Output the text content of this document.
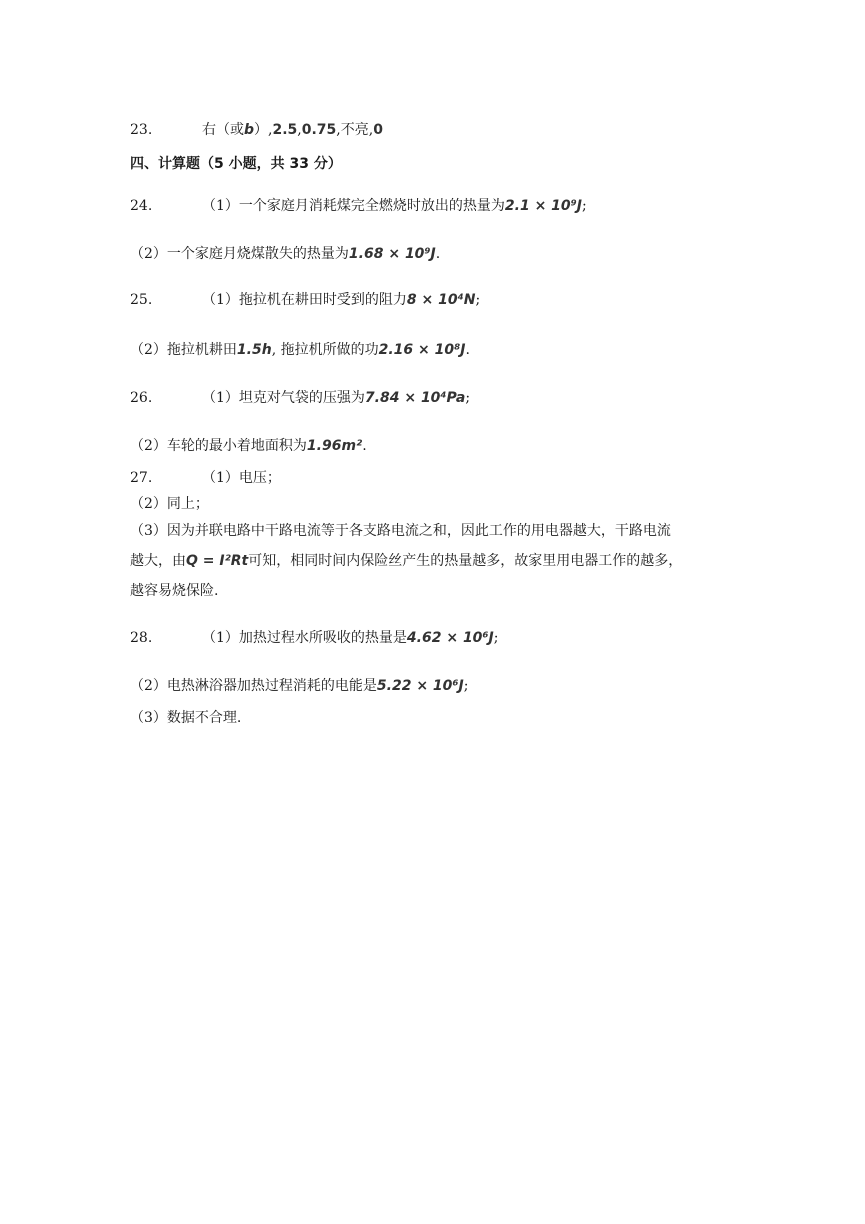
23.	右（或b）,2.5,0.75,不亮,0
四、计算题（5 小题，共 33 分）
24.	（1）一个家庭月消耗煤完全燃烧时放出的热量为2.1 × 10⁹J;
（2）一个家庭月烧煤散失的热量为1.68 × 10⁹J.
25.	（1）拖拉机在耕田时受到的阻力8 × 10⁴N;
（2）拖拉机耕田1.5h, 拖拉机所做的功2.16 × 10⁸J.
26.	（1）坦克对气袋的压强为7.84 × 10⁴Pa;
（2）车轮的最小着地面积为1.96m².
27.	（1）电压；
（2）同上；
（3）因为并联电路中干路电流等于各支路电流之和，因此工作的用电器越大，干路电流
越大，由Q = I²Rt可知，相同时间内保险丝产生的热量越多，故家里用电器工作的越多，
越容易烧保险.
28.	（1）加热过程水所吸收的热量是4.62 × 10⁶J;
（2）电热淋浴器加热过程消耗的电能是5.22 × 10⁶J;
（3）数据不合理.
